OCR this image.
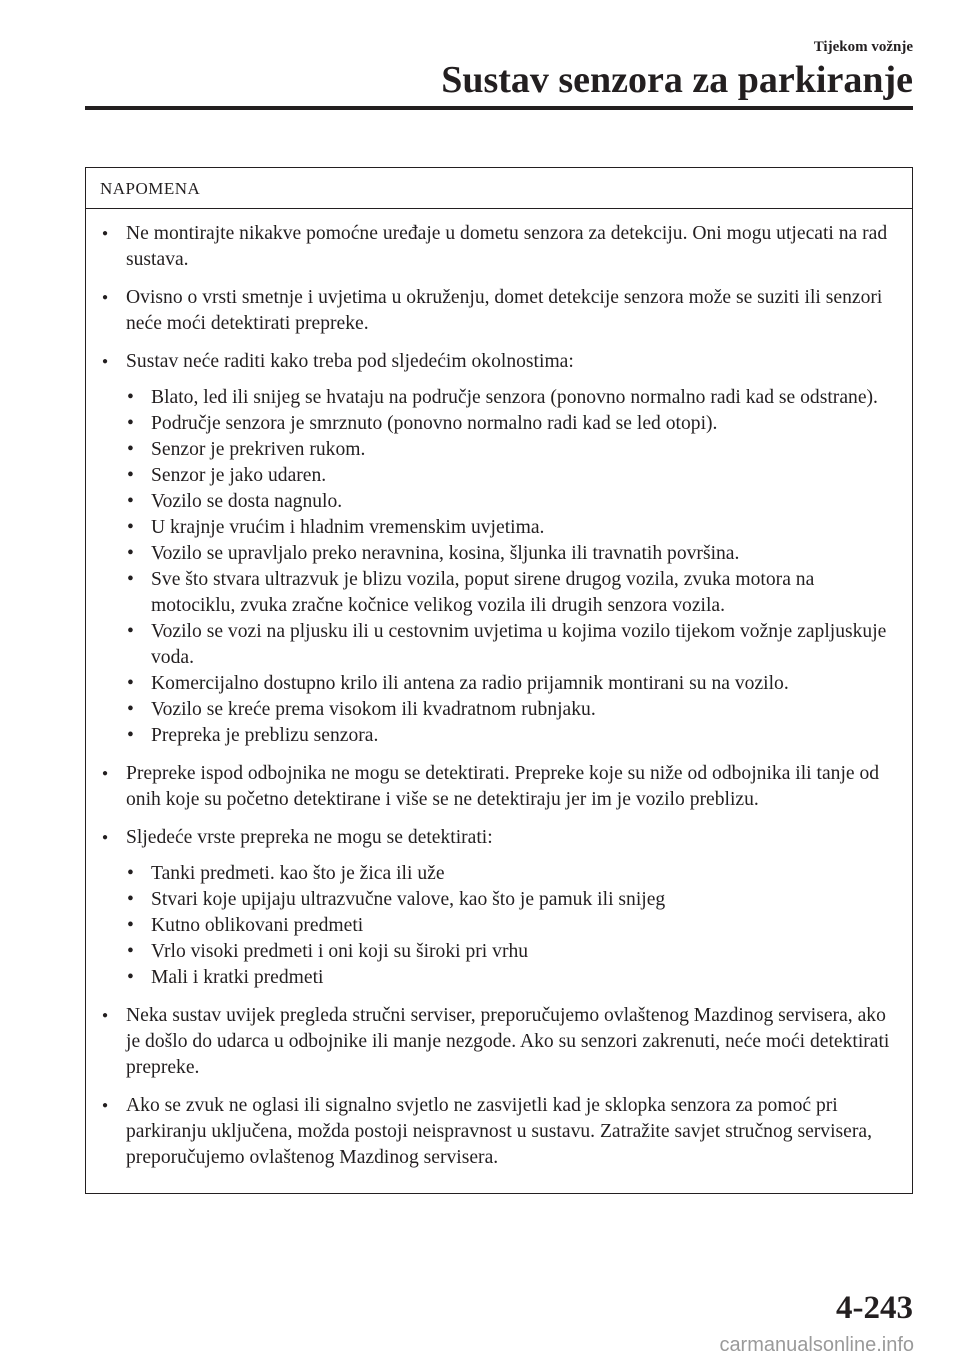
Tijekom vožnje
Sustav senzora za parkiranje
NAPOMENA
● Ne montirajte nikakve pomoćne uređaje u dometu senzora za detekciju. Oni mogu utjecati na rad sustava.
● Ovisno o vrsti smetnje i uvjetima u okruženju, domet detekcije senzora može se suziti ili senzori neće moći detektirati prepreke.
● Sustav neće raditi kako treba pod sljedećim okolnostima:
• Blato, led ili snijeg se hvataju na područje senzora (ponovno normalno radi kad se odstrane).
• Područje senzora je smrznuto (ponovno normalno radi kad se led otopi).
• Senzor je prekriven rukom.
• Senzor je jako udaren.
• Vozilo se dosta nagnulo.
• U krajnje vrućim i hladnim vremenskim uvjetima.
• Vozilo se upravljalo preko neravnina, kosina, šljunka ili travnatih površina.
• Sve što stvara ultrazvuk je blizu vozila, poput sirene drugog vozila, zvuka motora na motociklu, zvuka zračne kočnice velikog vozila ili drugih senzora vozila.
• Vozilo se vozi na pljusku ili u cestovnim uvjetima u kojima vozilo tijekom vožnje zapljuskuje voda.
• Komercijalno dostupno krilo ili antena za radio prijamnik montirani su na vozilo.
• Vozilo se kreće prema visokom ili kvadratnom rubnjaku.
• Prepreka je preblizu senzora.
● Prepreke ispod odbojnika ne mogu se detektirati. Prepreke koje su niže od odbojnika ili tanje od onih koje su početno detektirane i više se ne detektiraju jer im je vozilo preblizu.
● Sljedeće vrste prepreka ne mogu se detektirati:
• Tanki predmeti. kao što je žica ili uže
• Stvari koje upijaju ultrazvučne valove, kao što je pamuk ili snijeg
• Kutno oblikovani predmeti
• Vrlo visoki predmeti i oni koji su široki pri vrhu
• Mali i kratki predmeti
● Neka sustav uvijek pregleda stručni serviser, preporučujemo ovlaštenog Mazdinog servisera, ako je došlo do udarca u odbojnike ili manje nezgode. Ako su senzori zakrenuti, neće moći detektirati prepreke.
● Ako se zvuk ne oglasi ili signalno svjetlo ne zasvijetli kad je sklopka senzora za pomoć pri parkiranju uključena, možda postoji neispravnost u sustavu. Zatražite savjet stručnog servisera, preporučujemo ovlaštenog Mazdinog servisera.
4-243
carmanualsonline.info
